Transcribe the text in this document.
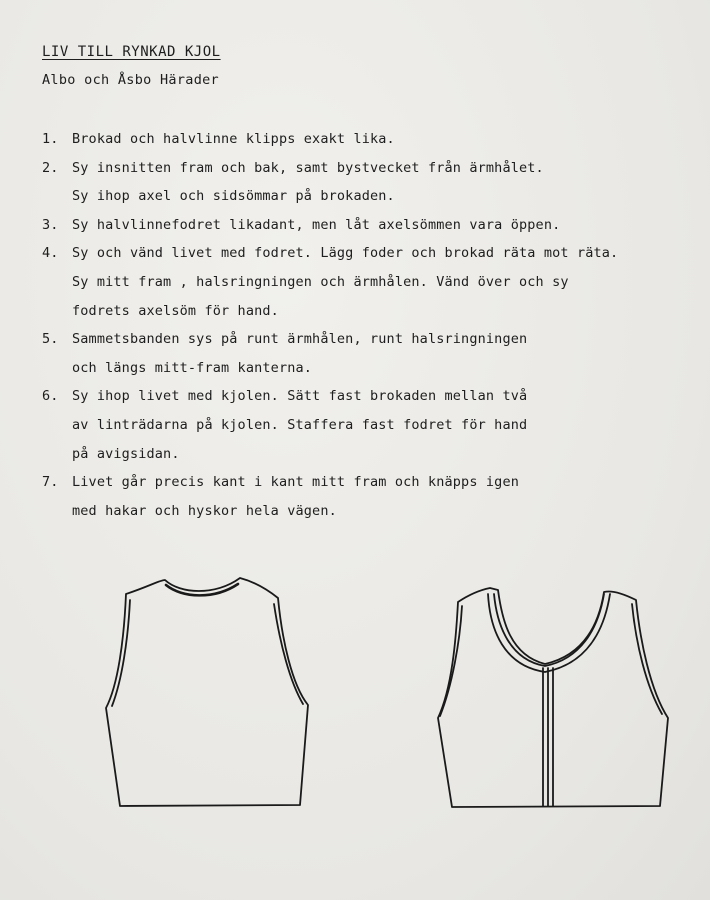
LIV TILL RYNKAD KJOL
Albo och Åsbo Härader
1. Brokad och halvlinne klipps exakt lika.
2. Sy insnitten fram och bak, samt bystvecket från ärmhålet.
Sy ihop axel och sidsömmar på brokaden.
3. Sy halvlinnefodret likadant, men låt axelsömmen vara öppen.
4. Sy och vänd livet med fodret. Lägg foder och brokad räta mot räta.
Sy mitt fram , halsringningen och ärmhålen. Vänd över och sy
fodrets axelsöm för hand.
5. Sammetsbanden sys på runt ärmhålen, runt halsringningen
och längs mitt-fram kanterna.
6. Sy ihop livet med kjolen. Sätt fast brokaden mellan två
av linträdarna på kjolen. Staffera fast fodret för hand
på avigsidan.
7. Livet går precis kant i kant mitt fram och knäpps igen
med hakar och hyskor hela vägen.
